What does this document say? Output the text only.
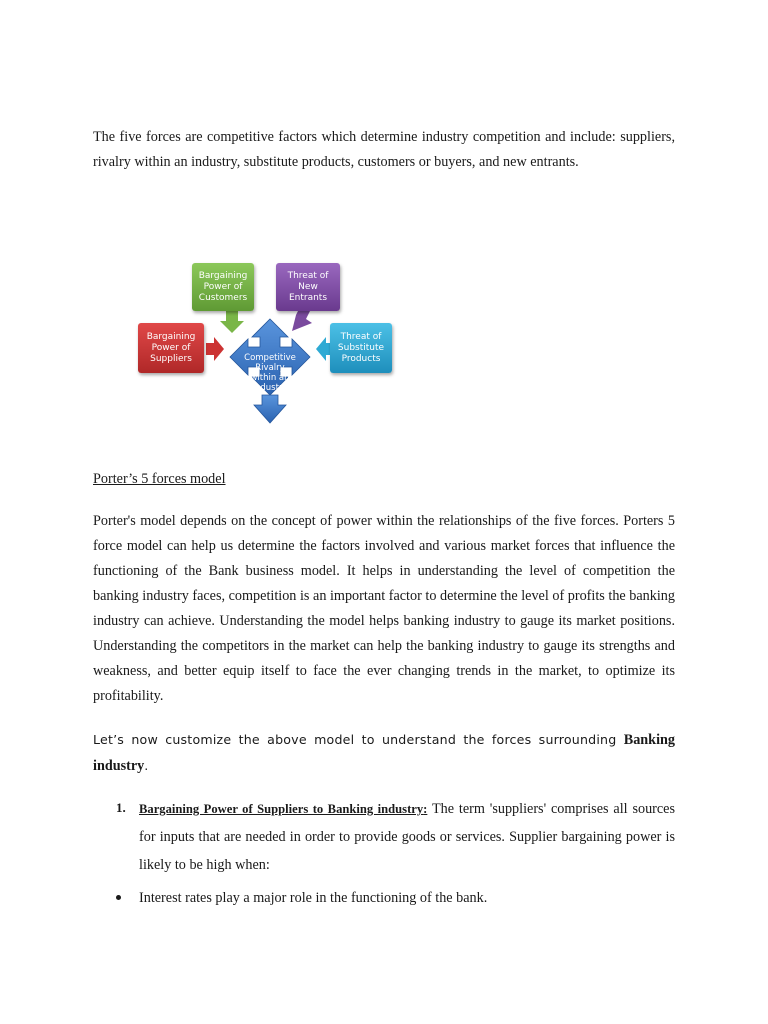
The five forces are competitive factors which determine industry competition and include: suppliers, rivalry within an industry, substitute products, customers or buyers, and new entrants.

Bargaining
Power of
Customers
Threat of
New
Entrants
Bargaining
Power of
Suppliers
Threat of
Substitute
Products
Competitive
Rivalry
within an
Industry

Porter’s 5 forces model

Porter's model depends on the concept of power within the relationships of the five forces. Porters 5 force model can help us determine the factors involved and various market forces that influence the functioning of the Bank business model. It helps in understanding the level of competition the banking industry faces, competition is an important factor to determine the level of profits the banking industry can achieve. Understanding the model helps banking industry to gauge its market positions. Understanding the competitors in the market can help the banking industry to gauge its strengths and weakness, and better equip itself to face the ever changing trends in the market, to optimize its profitability.

Let’s now customize the above model to understand the forces surrounding Banking industry.

1. Bargaining Power of Suppliers to Banking industry: The term 'suppliers' comprises all sources for inputs that are needed in order to provide goods or services. Supplier bargaining power is likely to be high when:

Interest rates play a major role in the functioning of the bank.
